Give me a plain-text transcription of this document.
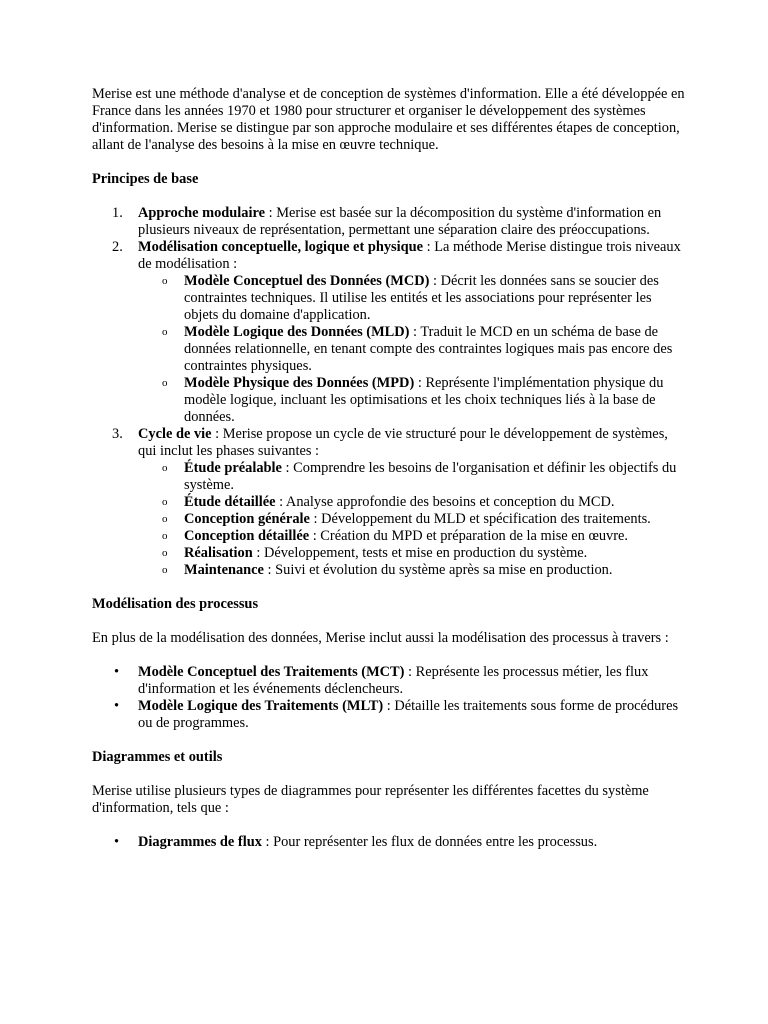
Merise est une méthode d'analyse et de conception de systèmes d'information. Elle a été développée en France dans les années 1970 et 1980 pour structurer et organiser le développement des systèmes d'information. Merise se distingue par son approche modulaire et ses différentes étapes de conception, allant de l'analyse des besoins à la mise en œuvre technique.

Principes de base
1. Approche modulaire : Merise est basée sur la décomposition du système d'information en plusieurs niveaux de représentation, permettant une séparation claire des préoccupations.
2. Modélisation conceptuelle, logique et physique : La méthode Merise distingue trois niveaux de modélisation :
o Modèle Conceptuel des Données (MCD) : Décrit les données sans se soucier des contraintes techniques. Il utilise les entités et les associations pour représenter les objets du domaine d'application.
o Modèle Logique des Données (MLD) : Traduit le MCD en un schéma de base de données relationnelle, en tenant compte des contraintes logiques mais pas encore des contraintes physiques.
o Modèle Physique des Données (MPD) : Représente l'implémentation physique du modèle logique, incluant les optimisations et les choix techniques liés à la base de données.
3. Cycle de vie : Merise propose un cycle de vie structuré pour le développement de systèmes, qui inclut les phases suivantes :
o Étude préalable : Comprendre les besoins de l'organisation et définir les objectifs du système.
o Étude détaillée : Analyse approfondie des besoins et conception du MCD.
o Conception générale : Développement du MLD et spécification des traitements.
o Conception détaillée : Création du MPD et préparation de la mise en œuvre.
o Réalisation : Développement, tests et mise en production du système.
o Maintenance : Suivi et évolution du système après sa mise en production.
Modélisation des processus

En plus de la modélisation des données, Merise inclut aussi la modélisation des processus à travers :

• Modèle Conceptuel des Traitements (MCT) : Représente les processus métier, les flux d'information et les événements déclencheurs.
• Modèle Logique des Traitements (MLT) : Détaille les traitements sous forme de procédures ou de programmes.
Diagrammes et outils

Merise utilise plusieurs types de diagrammes pour représenter les différentes facettes du système d'information, tels que :

• Diagrammes de flux : Pour représenter les flux de données entre les processus.
